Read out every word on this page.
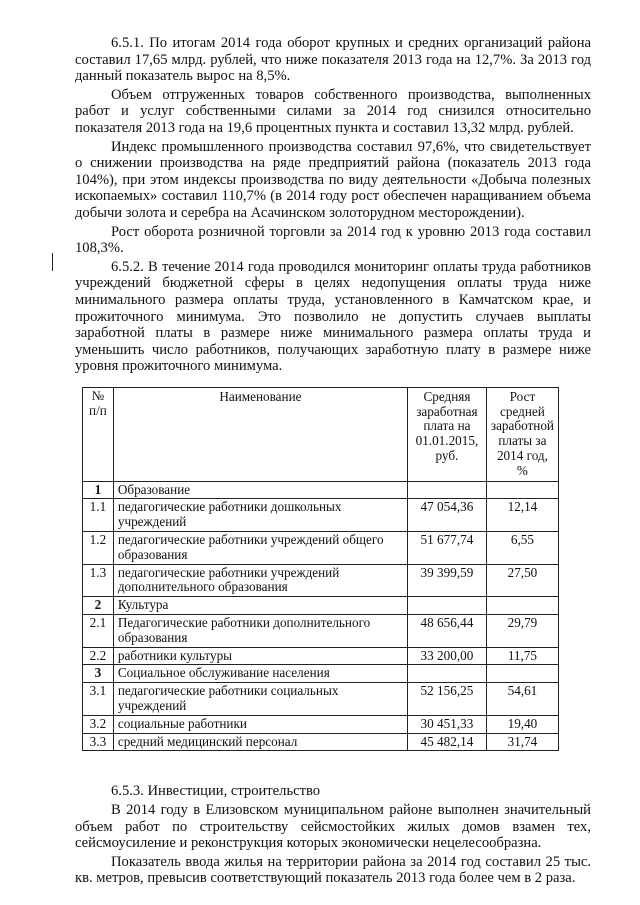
6.5.1. По итогам 2014 года оборот крупных и средних организаций района составил 17,65 млрд. рублей, что ниже показателя 2013 года на 12,7%. За 2013 год данный показатель вырос на 8,5%.

Объем отгруженных товаров собственного производства, выполненных работ и услуг собственными силами за 2014 год снизился относительно показателя 2013 года на 19,6 процентных пункта и составил 13,32 млрд. рублей.

Индекс промышленного производства составил 97,6%, что свидетельствует о снижении производства на ряде предприятий района (показатель 2013 года 104%), при этом индексы производства по виду деятельности «Добыча полезных ископаемых» составил 110,7% (в 2014 году рост обеспечен наращиванием объема добычи золота и серебра на Асачинском золоторудном месторождении).

Рост оборота розничной торговли за 2014 год к уровню 2013 года составил 108,3%.

6.5.2. В течение 2014 года проводился мониторинг оплаты труда работников учреждений бюджетной сферы в целях недопущения оплаты труда ниже минимального размера оплаты труда, установленного в Камчатском крае, и прожиточного минимума. Это позволило не допустить случаев выплаты заработной платы в размере ниже минимального размера оплаты труда и уменьшить число работников, получающих заработную плату в размере ниже уровня прожиточного минимума.

№ п/п	Наименование	Средняя заработная плата на 01.01.2015, руб.	Рост средней заработной платы за 2014 год, %
1	Образование		
1.1	педагогические работники дошкольных учреждений	47 054,36	12,14
1.2	педагогические работники учреждений общего образования	51 677,74	6,55
1.3	педагогические работники учреждений дополнительного образования	39 399,59	27,50
2	Культура		
2.1	Педагогические работники дополнительного образования	48 656,44	29,79
2.2	работники культуры	33 200,00	11,75
3	Социальное обслуживание населения		
3.1	педагогические работники социальных учреждений	52 156,25	54,61
3.2	социальные работники	30 451,33	19,40
3.3	средний медицинский персонал	45 482,14	31,74

6.5.3. Инвестиции, строительство

В 2014 году в Елизовском муниципальном районе выполнен значительный объем работ по строительству сейсмостойких жилых домов взамен тех, сейсмоусиление и реконструкция которых экономически нецелесообразна.

Показатель ввода жилья на территории района за 2014 год составил 25 тыс. кв. метров, превысив соответствующий показатель 2013 года более чем в 2 раза.
